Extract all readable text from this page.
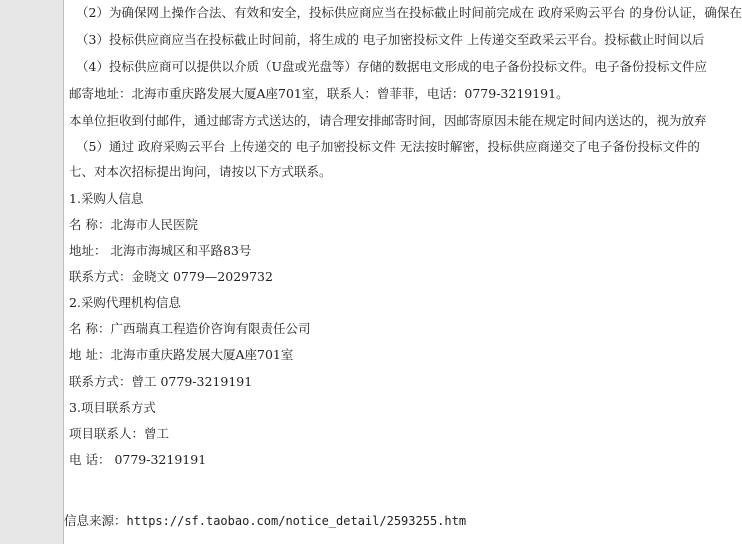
（2）为确保网上操作合法、有效和安全，投标供应商应当在投标截止时间前完成在 政府采购云平台 的身份认证，确保在
（3）投标供应商应当在投标截止时间前，将生成的 电子加密投标文件 上传递交至政采云平台。投标截止时间以后
（4）投标供应商可以提供以介质（U盘或光盘等）存储的数据电文形成的电子备份投标文件。电子备份投标文件应
邮寄地址：北海市重庆路发展大厦A座701室，联系人：曾菲菲，电话：0779-3219191。
本单位拒收到付邮件，通过邮寄方式送达的，请合理安排邮寄时间，因邮寄原因未能在规定时间内送达的，视为放弃
（5）通过 政府采购云平台 上传递交的 电子加密投标文件 无法按时解密，投标供应商递交了电子备份投标文件的
七、对本次招标提出询问，请按以下方式联系。
1.采购人信息
名 称：北海市人民医院
地址： 北海市海城区和平路83号
联系方式：金晓文 0779—2029732
2.采购代理机构信息
名 称：广西瑞真工程造价咨询有限责任公司
地 址：北海市重庆路发展大厦A座701室
联系方式：曾工 0779-3219191
3.项目联系方式
项目联系人：曾工
电 话： 0779-3219191
信息来源：https://sf.taobao.com/notice_detail/2593255.htm
